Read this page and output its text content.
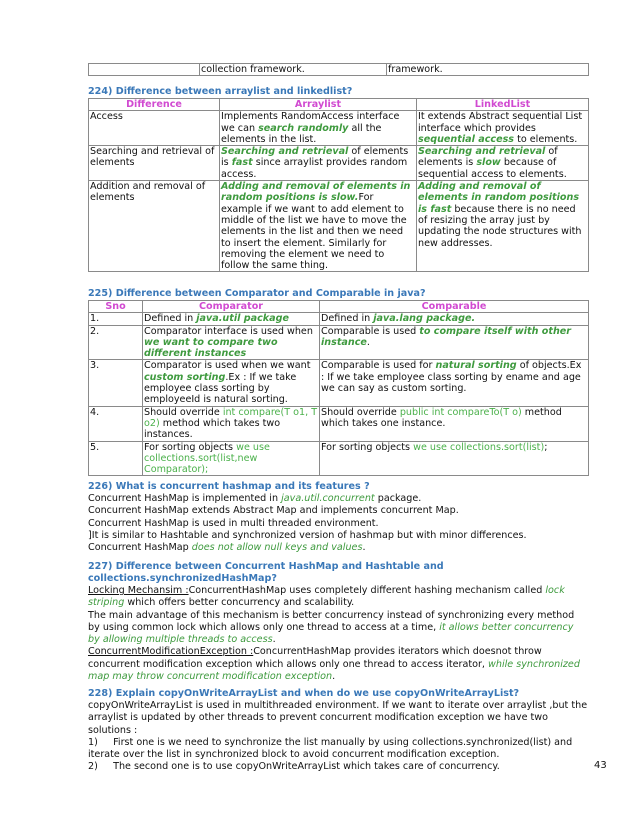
	collection framework.	framework.

224) Difference between arraylist and linkedlist?

Difference	Arraylist	LinkedList
Access	Implements RandomAccess interface we can search randomly all the elements in the list.	It extends Abstract sequential List interface which provides sequential access to elements.
Searching and retrieval of elements	Searching and retrieval of elements is fast since arraylist provides random access.	Searching and retrieval of elements is slow because of sequential access to elements.
Addition and removal of elements	Adding and removal of elements in random positions is slow.For example if we want to add element to middle of the list we have to move the elements in the list and then we need to insert the element. Similarly for removing the element we need to follow the same thing.	Adding and removal of elements in random positions is fast because there is no need of resizing the array just by updating the node structures with new addresses.

225) Difference between Comparator and Comparable in java?

Sno	Comparator	Comparable
1.	Defined in java.util package	Defined in java.lang package.
2.	Comparator interface is used when we want to compare two different instances	Comparable is used to compare itself with other instance.
3.	Comparator is used when we want custom sorting.Ex : If we take employee class sorting by employeeId is natural sorting.	Comparable is used for natural sorting of objects.Ex : If we take employee class sorting by ename and age we can say as custom sorting.
4.	Should override int compare(T o1, T o2) method which takes two instances.	Should override public int compareTo(T o) method which takes one instance.
5.	For sorting objects we use collections.sort(list,new Comparator);	For sorting objects we use collections.sort(list);

226) What is concurrent hashmap and its features ?

Concurrent HashMap is implemented in java.util.concurrent package.

Concurrent HashMap extends Abstract Map and implements concurrent Map.

Concurrent HashMap is used in multi threaded environment.

]It is similar to Hashtable and synchronized version of hashmap but with minor differences.

Concurrent HashMap does not allow null keys and values.

227) Difference between Concurrent HashMap and Hashtable and collections.synchronizedHashMap?

Locking Mechansim :ConcurrentHashMap uses completely different hashing mechanism called lock striping which offers better concurrency and scalability.

The main advantage of this mechanism is better concurrency instead of synchronizing every method by using common lock which allows only one thread to access at a time, it allows better concurrency by allowing multiple threads to access.

ConcurrentModificationException :ConcurrentHashMap provides iterators which doesnot throw concurrent modification exception which allows only one thread to access iterator, while synchronized map may throw concurrent modification exception.

228) Explain copyOnWriteArrayList and when do we use copyOnWriteArrayList?

copyOnWriteArrayList is used in multithreaded environment. If we want to iterate over arraylist ,but the arraylist is updated by other threads to prevent concurrent modification exception we have two solutions :

1)     First one is we need to synchronize the list manually by using collections.synchronized(list) and iterate over the list in synchronized block to avoid concurrent modification exception.

2)     The second one is to use copyOnWriteArrayList which takes care of concurrency.	43
